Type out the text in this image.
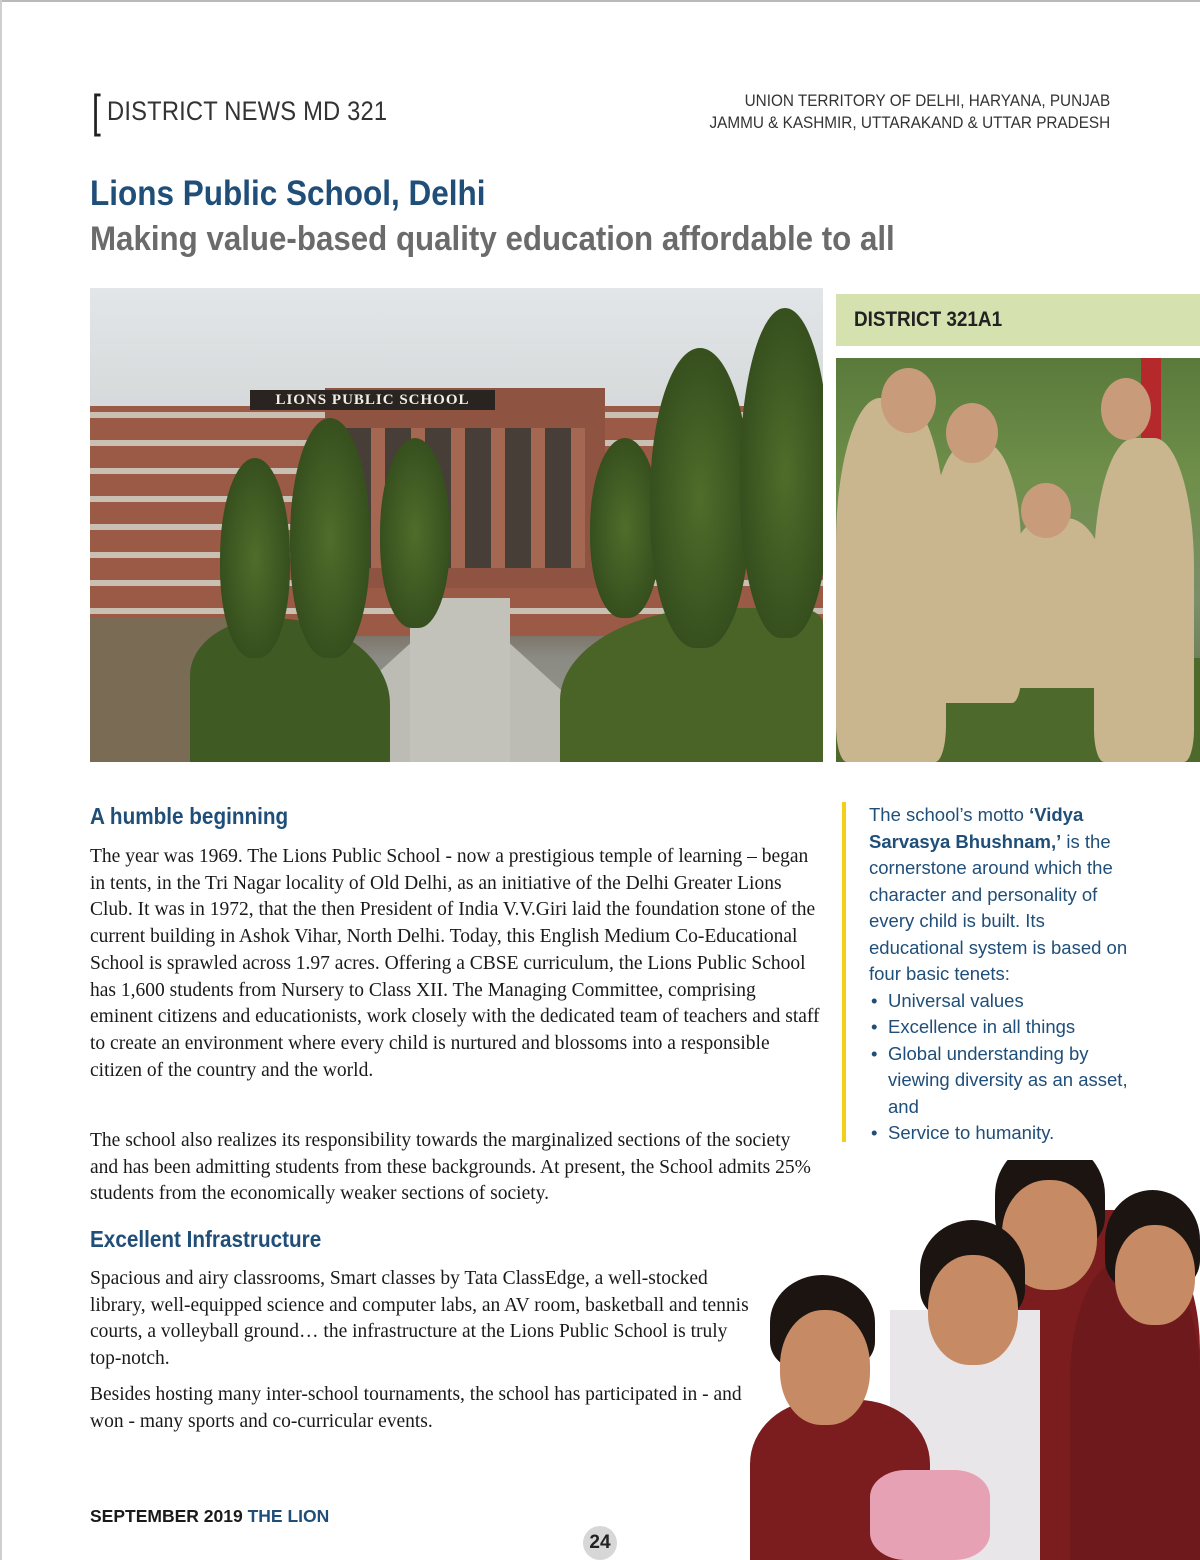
[ DISTRICT NEWS MD 321	UNION TERRITORY OF DELHI, HARYANA, PUNJAB
JAMMU & KASHMIR, UTTARAKAND & UTTAR PRADESH
Lions Public School, Delhi
Making value-based quality education affordable to all
LIONS PUBLIC SCHOOL
DISTRICT 321A1
A humble beginning

The year was 1969. The Lions Public School - now a prestigious temple of learning – began in tents, in the Tri Nagar locality of Old Delhi, as an initiative of the Delhi Greater Lions Club. It was in 1972, that the then President of India V.V.Giri laid the foundation stone of the current building in Ashok Vihar, North Delhi. Today, this English Medium Co-Educational School is sprawled across 1.97 acres. Offering a CBSE curriculum, the Lions Public School has 1,600 students from Nursery to Class XII. The Managing Committee, comprising eminent citizens and educationists, work closely with the dedicated team of teachers and staff to create an environment where every child is nurtured and blossoms into a responsible citizen of the country and the world.

The school also realizes its responsibility towards the marginalized sections of the society and has been admitting students from these backgrounds. At present, the School admits 25% students from the economically weaker sections of society.

Excellent Infrastructure

Spacious and airy classrooms, Smart classes by Tata ClassEdge, a well-stocked library, well-equipped science and computer labs, an AV room, basketball and tennis courts, a volleyball ground… the infrastructure at the Lions Public School is truly top-notch.

Besides hosting many inter-school tournaments, the school has participated in - and won - many sports and co-curricular events.

The school’s motto ‘Vidya Sarvasya Bhushnam,’ is the cornerstone around which the character and personality of every child is built. Its educational system is based on four basic tenets:

• Universal values
• Excellence in all things
• Global understanding by viewing diversity as an asset, and
• Service to humanity.
SEPTEMBER 2019 THE LION
24
